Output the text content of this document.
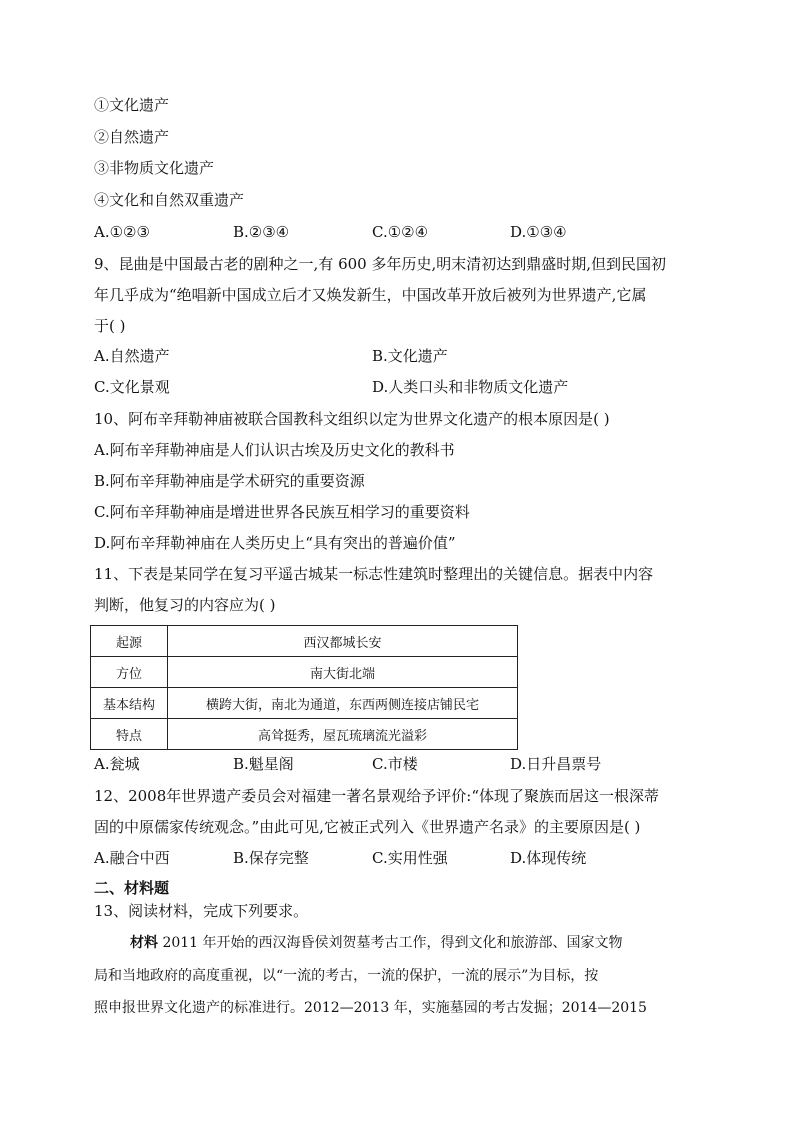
①文化遗产
②自然遗产
③非物质文化遗产
④文化和自然双重遗产
A.①②③	B.②③④	C.①②④	D.①③④
9、昆曲是中国最古老的剧种之一,有 600 多年历史,明末清初达到鼎盛时期,但到民国初
年几乎成为“绝唱新中国成立后才又焕发新生，中国改革开放后被列为世界遗产,它属
于( )
A.自然遗产	B.文化遗产
C.文化景观	D.人类口头和非物质文化遗产
10、阿布辛拜勒神庙被联合国教科文组织以定为世界文化遗产的根本原因是( )
A.阿布辛拜勒神庙是人们认识古埃及历史文化的教科书
B.阿布辛拜勒神庙是学术研究的重要资源
C.阿布辛拜勒神庙是增进世界各民族互相学习的重要资料
D.阿布辛拜勒神庙在人类历史上“具有突出的普遍价值”
11、下表是某同学在复习平遥古城某一标志性建筑时整理出的关键信息。据表中内容
判断，他复习的内容应为( )
起源	西汉都城长安
方位	南大街北端
基本结构	横跨大街，南北为通道，东西两侧连接店铺民宅
特点	高耸挺秀，屋瓦琉璃流光溢彩
A.瓮城	B.魁星阁	C.市楼	D.日升昌票号
12、2008年世界遗产委员会对福建一著名景观给予评价:“体现了聚族而居这一根深蒂
固的中原儒家传统观念。”由此可见,它被正式列入《世界遗产名录》的主要原因是( )
A.融合中西	B.保存完整	C.实用性强	D.体现传统
二、材料题
13、阅读材料，完成下列要求。
材料 2011 年开始的西汉海昏侯刘贺墓考古工作，得到文化和旅游部、国家文物
局和当地政府的高度重视，以“一流的考古，一流的保护，一流的展示”为目标，按
照申报世界文化遗产的标准进行。2012—2013 年，实施墓园的考古发掘；2014—2015
